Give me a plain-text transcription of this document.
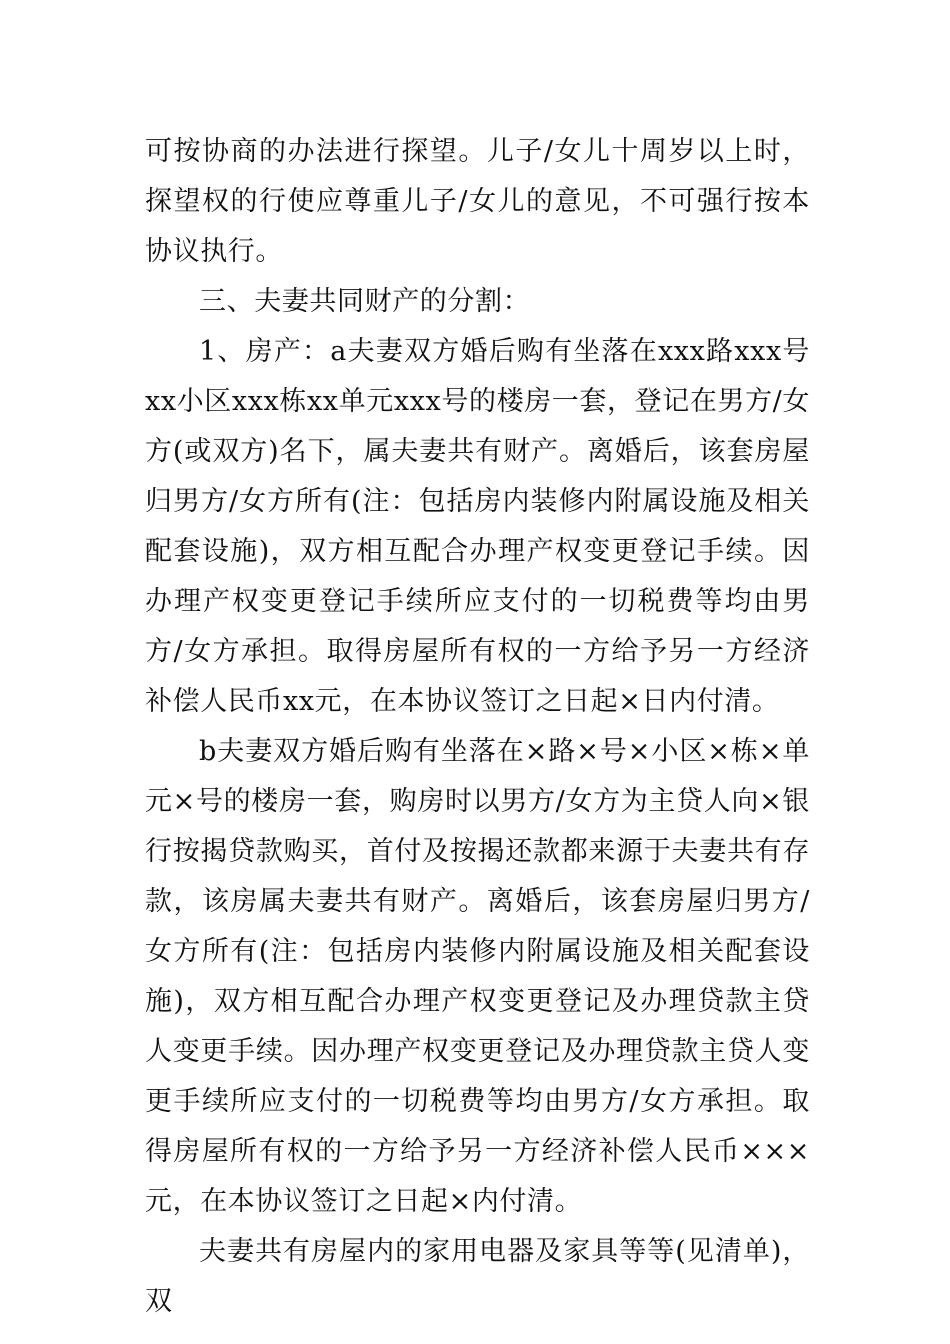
可按协商的办法进行探望。儿子/女儿十周岁以上时，探望权的行使应尊重儿子/女儿的意见，不可强行按本协议执行。

三、夫妻共同财产的分割：

1、房产：a夫妻双方婚后购有坐落在xxx路xxx号xx小区xxx栋xx单元xxx号的楼房一套，登记在男方/女方(或双方)名下，属夫妻共有财产。离婚后，该套房屋归男方/女方所有(注：包括房内装修内附属设施及相关配套设施)，双方相互配合办理产权变更登记手续。因办理产权变更登记手续所应支付的一切税费等均由男方/女方承担。取得房屋所有权的一方给予另一方经济补偿人民币xx元，在本协议签订之日起×日内付清。

b夫妻双方婚后购有坐落在×路×号×小区×栋×单元×号的楼房一套，购房时以男方/女方为主贷人向×银行按揭贷款购买，首付及按揭还款都来源于夫妻共有存款，该房属夫妻共有财产。离婚后，该套房屋归男方/女方所有(注：包括房内装修内附属设施及相关配套设施)，双方相互配合办理产权变更登记及办理贷款主贷人变更手续。因办理产权变更登记及办理贷款主贷人变更手续所应支付的一切税费等均由男方/女方承担。取得房屋所有权的一方给予另一方经济补偿人民币×××元，在本协议签订之日起×内付清。

夫妻共有房屋内的家用电器及家具等等(见清单)，双
